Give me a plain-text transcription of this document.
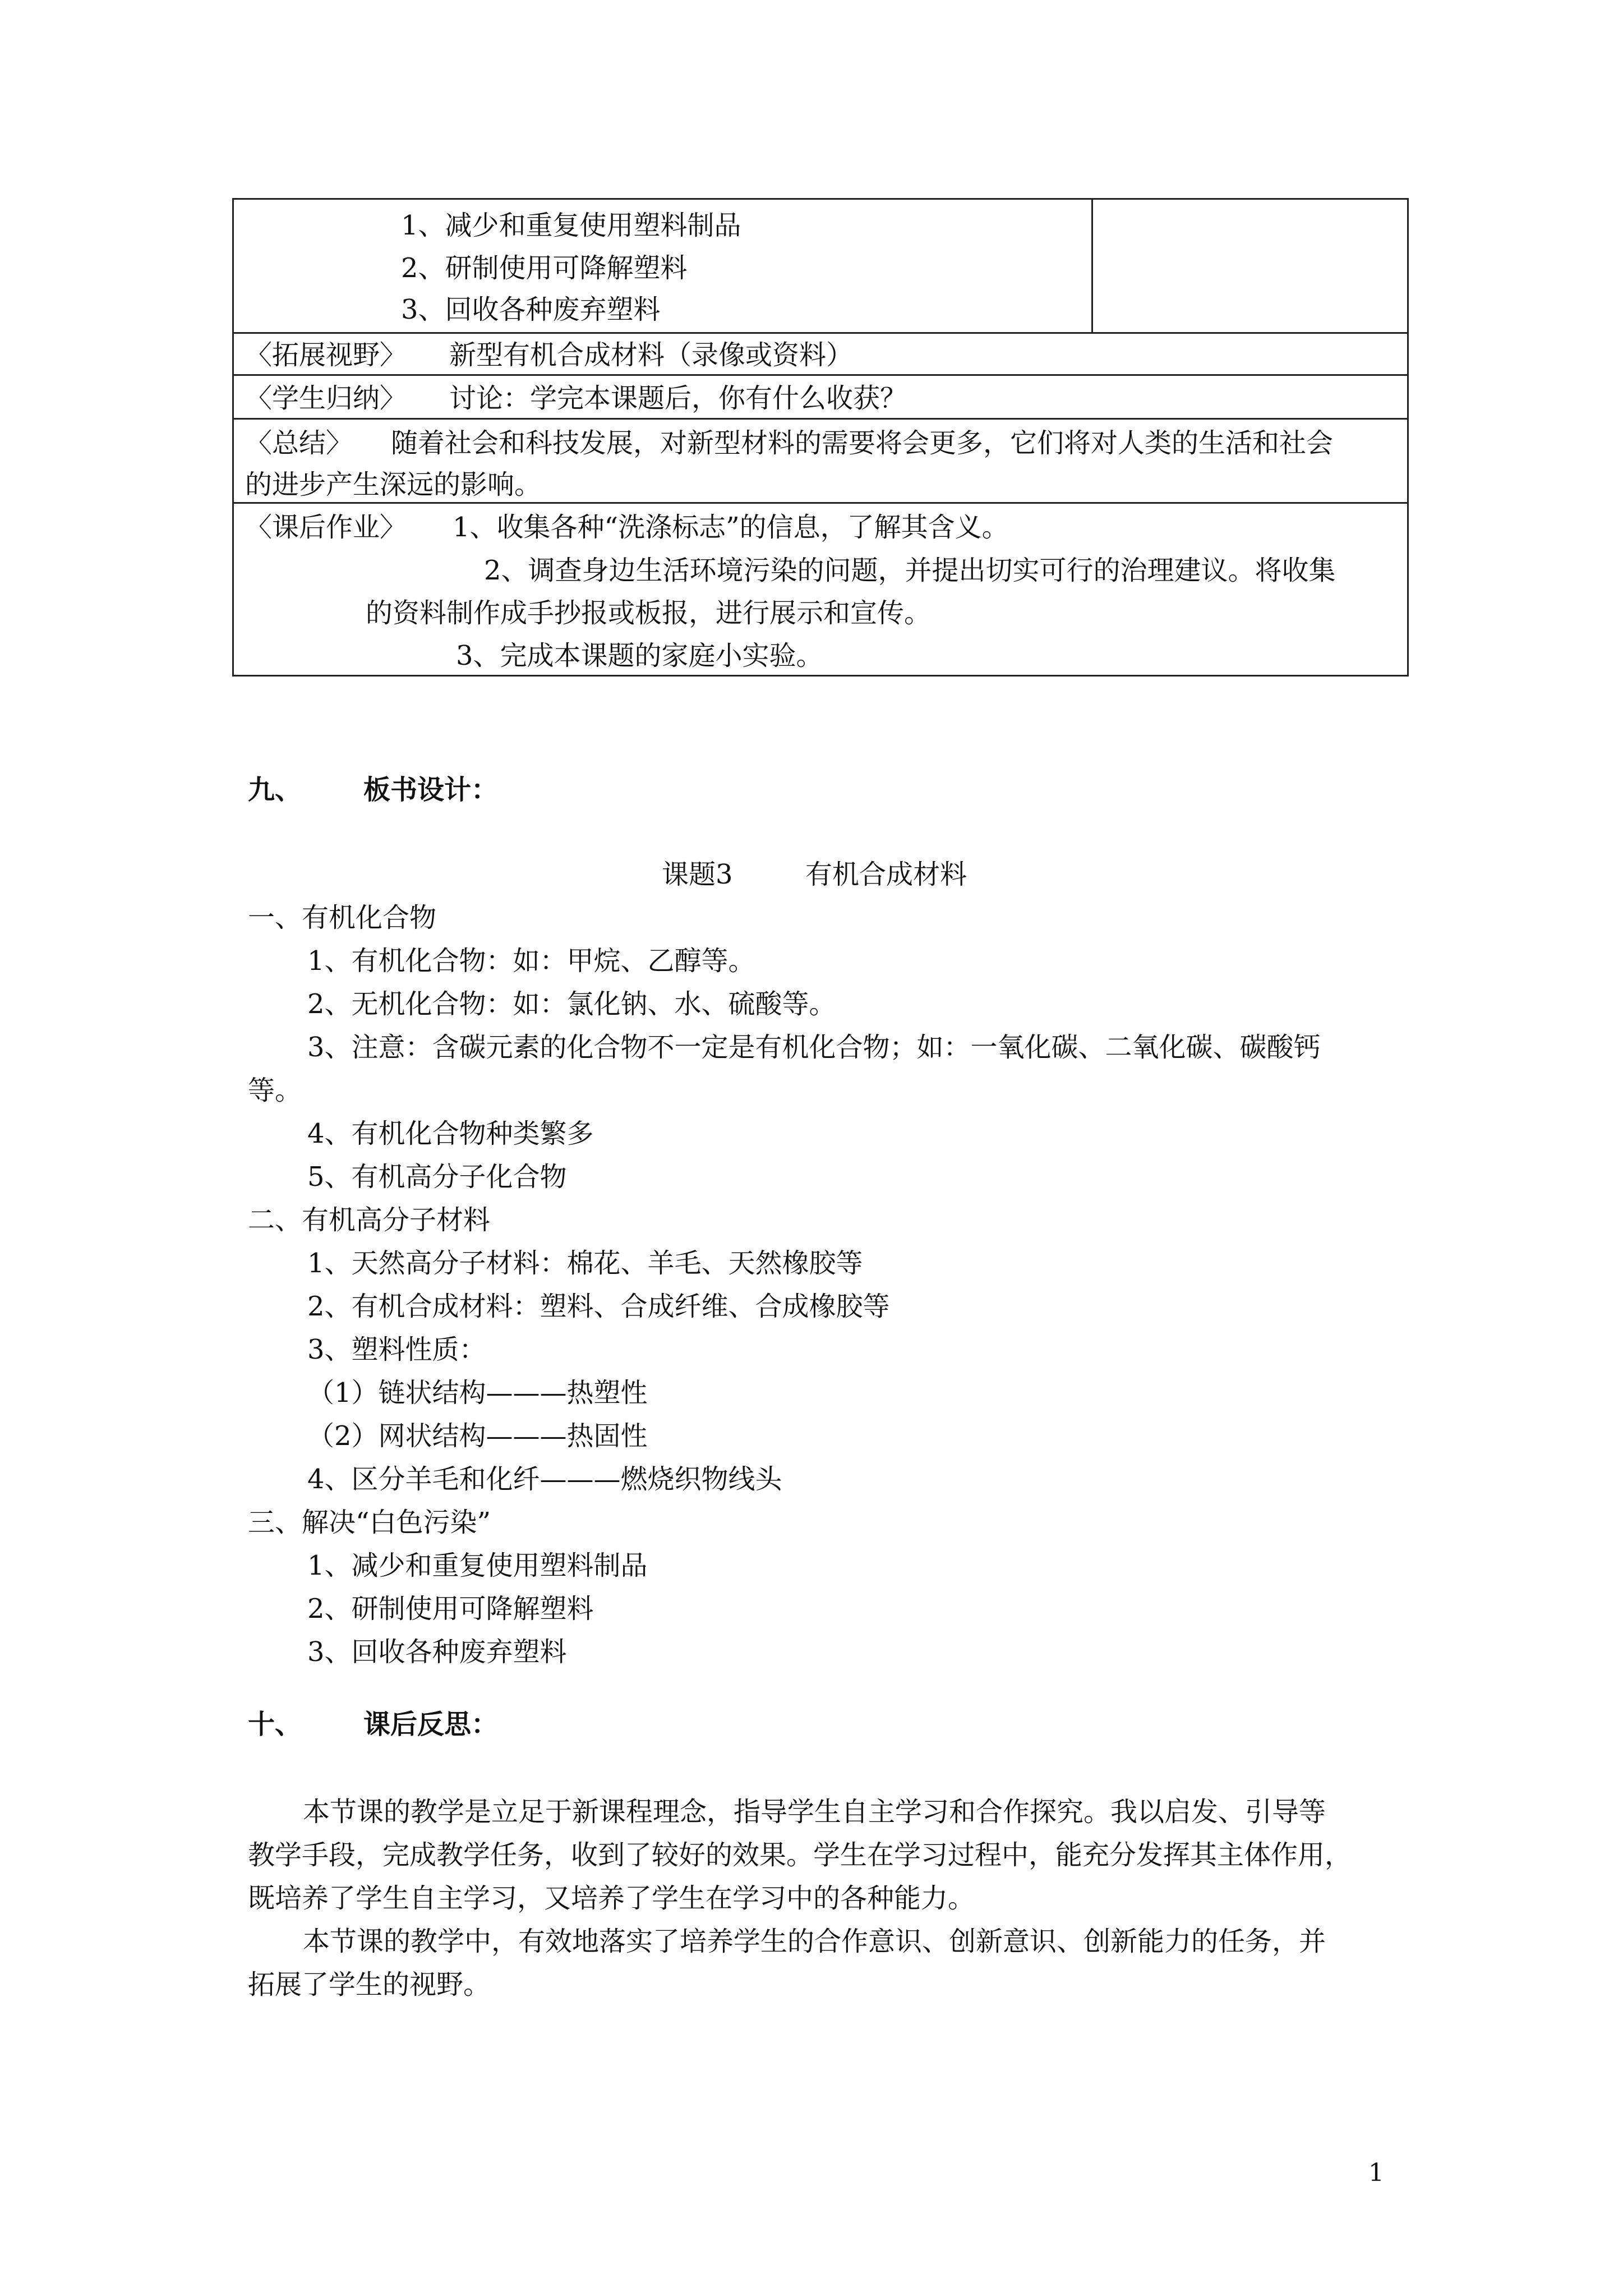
1、减少和重复使用塑料制品
2、研制使用可降解塑料
3、回收各种废弃塑料
〈拓展视野〉 新型有机合成材料（录像或资料）
〈学生归纳〉 讨论：学完本课题后，你有什么收获？
〈总结〉 随着社会和科技发展，对新型材料的需要将会更多，它们将对人类的生活和社会
的进步产生深远的影响。
〈课后作业〉 1、收集各种“洗涤标志”的信息，了解其含义。
2、调查身边生活环境污染的问题，并提出切实可行的治理建议。将收集
的资料制作成手抄报或板报，进行展示和宣传。
3、完成本课题的家庭小实验。
九、 板书设计：
课题3	有机合成材料
一、有机化合物
1、有机化合物：如：甲烷、乙醇等。
2、无机化合物：如：氯化钠、水、硫酸等。
3、注意：含碳元素的化合物不一定是有机化合物；如：一氧化碳、二氧化碳、碳酸钙
等。
4、有机化合物种类繁多
5、有机高分子化合物
二、有机高分子材料
1、天然高分子材料：棉花、羊毛、天然橡胶等
2、有机合成材料：塑料、合成纤维、合成橡胶等
3、塑料性质：
（1）链状结构———热塑性
（2）网状结构———热固性
4、区分羊毛和化纤———燃烧织物线头
三、解决“白色污染”
1、减少和重复使用塑料制品
2、研制使用可降解塑料
3、回收各种废弃塑料
十、 课后反思：
本节课的教学是立足于新课程理念，指导学生自主学习和合作探究。我以启发、引导等
教学手段，完成教学任务，收到了较好的效果。学生在学习过程中，能充分发挥其主体作用，
既培养了学生自主学习，又培养了学生在学习中的各种能力。
本节课的教学中，有效地落实了培养学生的合作意识、创新意识、创新能力的任务，并
拓展了学生的视野。
1
